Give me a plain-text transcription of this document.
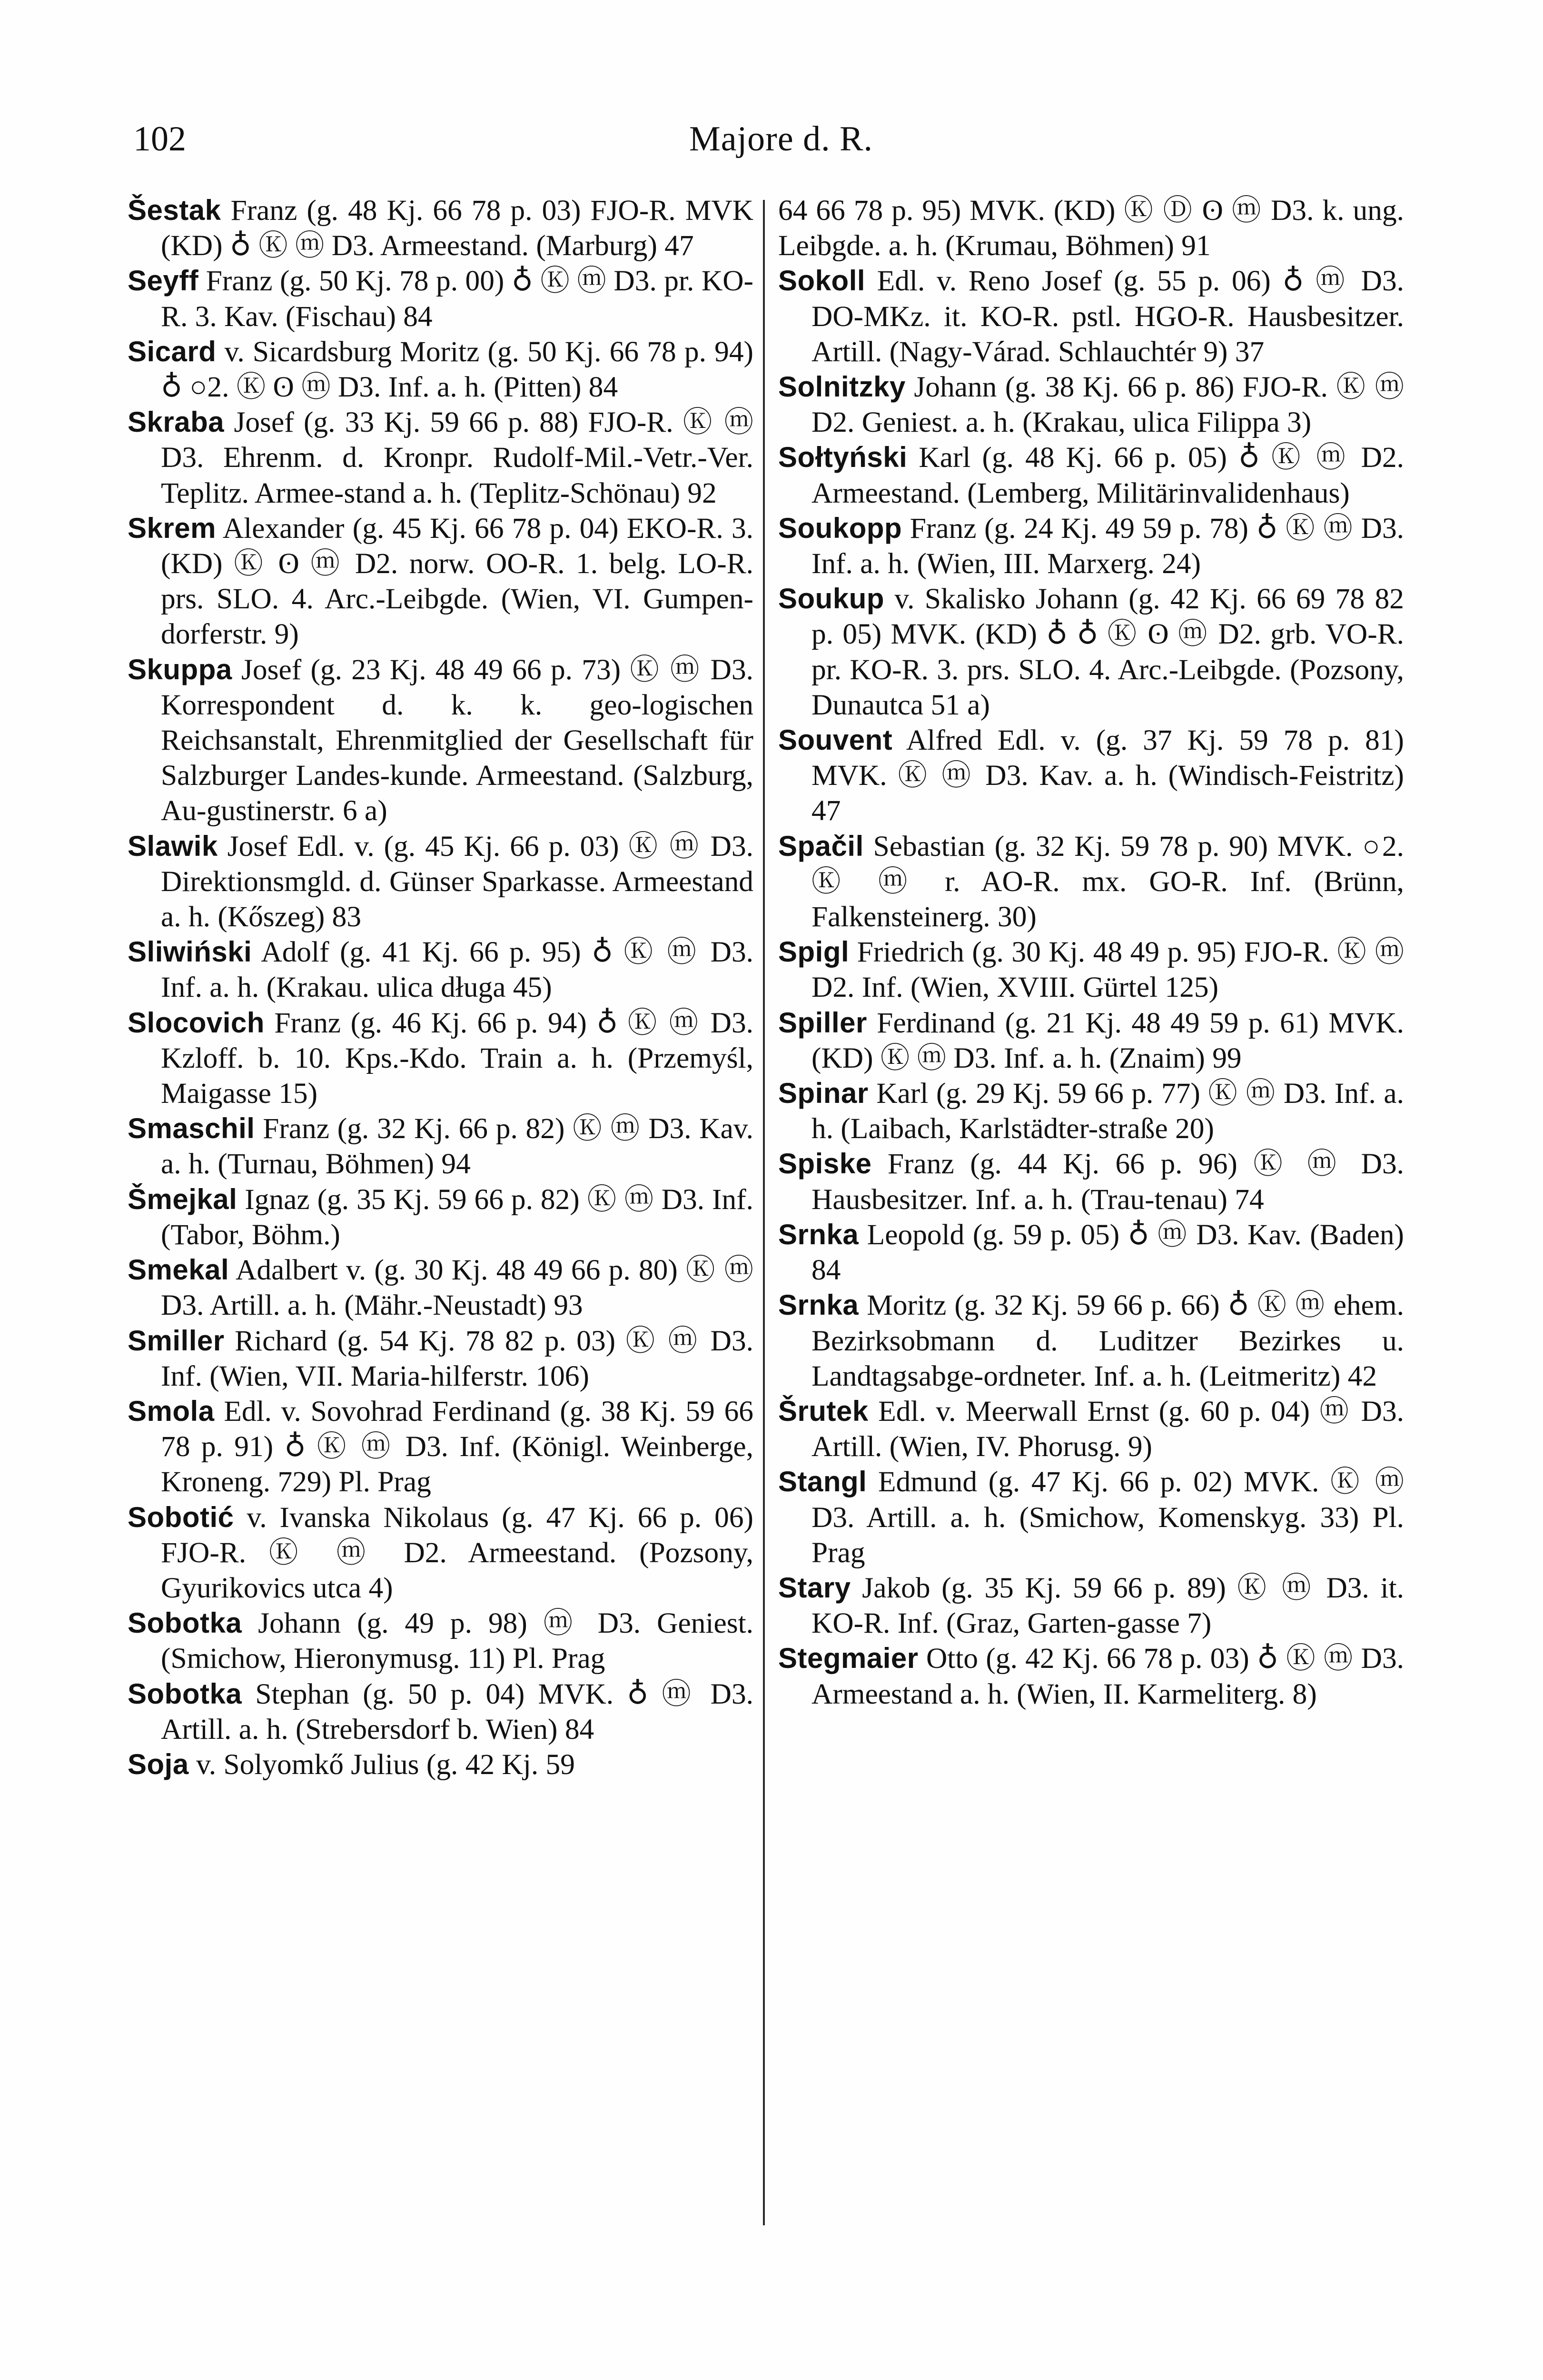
102	Majore d. R.

Šestak Franz (g. 48 Kj. 66 78 p. 03) FJO-R. MVK (KD) ♁ Ⓚ ⓜ D3. Armeestand. (Marburg) 47

Seyff Franz (g. 50 Kj. 78 p. 00) ♁ Ⓚ ⓜ D3. pr. KO-R. 3. Kav. (Fischau) 84

Sicard v. Sicardsburg Moritz (g. 50 Kj. 66 78 p. 94) ♁ ○2. Ⓚ ʘ ⓜ D3. Inf. a. h. (Pitten) 84

Skraba Josef (g. 33 Kj. 59 66 p. 88) FJO-R. Ⓚ ⓜ D3. Ehrenm. d. Kronpr. Rudolf-Mil.-Vetr.-Ver. Teplitz. Armee-stand a. h. (Teplitz-Schönau) 92

Skrem Alexander (g. 45 Kj. 66 78 p. 04) EKO-R. 3. (KD) Ⓚ ʘ ⓜ D2. norw. OO-R. 1. belg. LO-R. prs. SLO. 4. Arc.-Leibgde. (Wien, VI. Gumpen-dorferstr. 9)

Skuppa Josef (g. 23 Kj. 48 49 66 p. 73) Ⓚ ⓜ D3. Korrespondent d. k. k. geo-logischen Reichsanstalt, Ehrenmitglied der Gesellschaft für Salzburger Landes-kunde. Armeestand. (Salzburg, Au-gustinerstr. 6 a)

Slawik Josef Edl. v. (g. 45 Kj. 66 p. 03) Ⓚ ⓜ D3. Direktionsmgld. d. Günser Sparkasse. Armeestand a. h. (Kőszeg) 83

Sliwiński Adolf (g. 41 Kj. 66 p. 95) ♁ Ⓚ ⓜ D3. Inf. a. h. (Krakau. ulica długa 45)

Slocovich Franz (g. 46 Kj. 66 p. 94) ♁ Ⓚ ⓜ D3. Kzloff. b. 10. Kps.-Kdo. Train a. h. (Przemyśl, Maigasse 15)

Smaschil Franz (g. 32 Kj. 66 p. 82) Ⓚ ⓜ D3. Kav. a. h. (Turnau, Böhmen) 94

Šmejkal Ignaz (g. 35 Kj. 59 66 p. 82) Ⓚ ⓜ D3. Inf. (Tabor, Böhm.)

Smekal Adalbert v. (g. 30 Kj. 48 49 66 p. 80) Ⓚ ⓜ D3. Artill. a. h. (Mähr.-Neustadt) 93

Smiller Richard (g. 54 Kj. 78 82 p. 03) Ⓚ ⓜ D3. Inf. (Wien, VII. Maria-hilferstr. 106)

Smola Edl. v. Sovohrad Ferdinand (g. 38 Kj. 59 66 78 p. 91) ♁ Ⓚ ⓜ D3. Inf. (Königl. Weinberge, Kroneng. 729) Pl. Prag

Sobotić v. Ivanska Nikolaus (g. 47 Kj. 66 p. 06) FJO-R. Ⓚ ⓜ D2. Armeestand. (Pozsony, Gyurikovics utca 4)

Sobotka Johann (g. 49 p. 98) ⓜ D3. Geniest. (Smichow, Hieronymusg. 11) Pl. Prag

Sobotka Stephan (g. 50 p. 04) MVK. ♁ ⓜ D3. Artill. a. h. (Strebersdorf b. Wien) 84

Soja v. Solyomkő Julius (g. 42 Kj. 59

64 66 78 p. 95) MVK. (KD) Ⓚ Ⓓ ʘ ⓜ D3. k. ung. Leibgde. a. h. (Krumau, Böhmen) 91

Sokoll Edl. v. Reno Josef (g. 55 p. 06) ♁ ⓜ D3. DO-MKz. it. KO-R. pstl. HGO-R. Hausbesitzer. Artill. (Nagy-Várad. Schlauchtér 9) 37

Solnitzky Johann (g. 38 Kj. 66 p. 86) FJO-R. Ⓚ ⓜ D2. Geniest. a. h. (Krakau, ulica Filippa 3)

Sołtyński Karl (g. 48 Kj. 66 p. 05) ♁ Ⓚ ⓜ D2. Armeestand. (Lemberg, Militärinvalidenhaus)

Soukopp Franz (g. 24 Kj. 49 59 p. 78) ♁ Ⓚ ⓜ D3. Inf. a. h. (Wien, III. Marxerg. 24)

Soukup v. Skalisko Johann (g. 42 Kj. 66 69 78 82 p. 05) MVK. (KD) ♁ ♁ Ⓚ ʘ ⓜ D2. grb. VO-R. pr. KO-R. 3. prs. SLO. 4. Arc.-Leibgde. (Pozsony, Dunautca 51 a)

Souvent Alfred Edl. v. (g. 37 Kj. 59 78 p. 81) MVK. Ⓚ ⓜ D3. Kav. a. h. (Windisch-Feistritz) 47

Spačil Sebastian (g. 32 Kj. 59 78 p. 90) MVK. ○2. Ⓚ ⓜ r. AO-R. mx. GO-R. Inf. (Brünn, Falkensteinerg. 30)

Spigl Friedrich (g. 30 Kj. 48 49 p. 95) FJO-R. Ⓚ ⓜ D2. Inf. (Wien, XVIII. Gürtel 125)

Spiller Ferdinand (g. 21 Kj. 48 49 59 p. 61) MVK. (KD) Ⓚ ⓜ D3. Inf. a. h. (Znaim) 99

Spinar Karl (g. 29 Kj. 59 66 p. 77) Ⓚ ⓜ D3. Inf. a. h. (Laibach, Karlstädter-straße 20)

Spiske Franz (g. 44 Kj. 66 p. 96) Ⓚ ⓜ D3. Hausbesitzer. Inf. a. h. (Trau-tenau) 74

Srnka Leopold (g. 59 p. 05) ♁ ⓜ D3. Kav. (Baden) 84

Srnka Moritz (g. 32 Kj. 59 66 p. 66) ♁ Ⓚ ⓜ ehem. Bezirksobmann d. Luditzer Bezirkes u. Landtagsabge-ordneter. Inf. a. h. (Leitmeritz) 42

Šrutek Edl. v. Meerwall Ernst (g. 60 p. 04) ⓜ D3. Artill. (Wien, IV. Phorusg. 9)

Stangl Edmund (g. 47 Kj. 66 p. 02) MVK. Ⓚ ⓜ D3. Artill. a. h. (Smichow, Komenskyg. 33) Pl. Prag

Stary Jakob (g. 35 Kj. 59 66 p. 89) Ⓚ ⓜ D3. it. KO-R. Inf. (Graz, Garten-gasse 7)

Stegmaier Otto (g. 42 Kj. 66 78 p. 03) ♁ Ⓚ ⓜ D3. Armeestand a. h. (Wien, II. Karmeliterg. 8)
